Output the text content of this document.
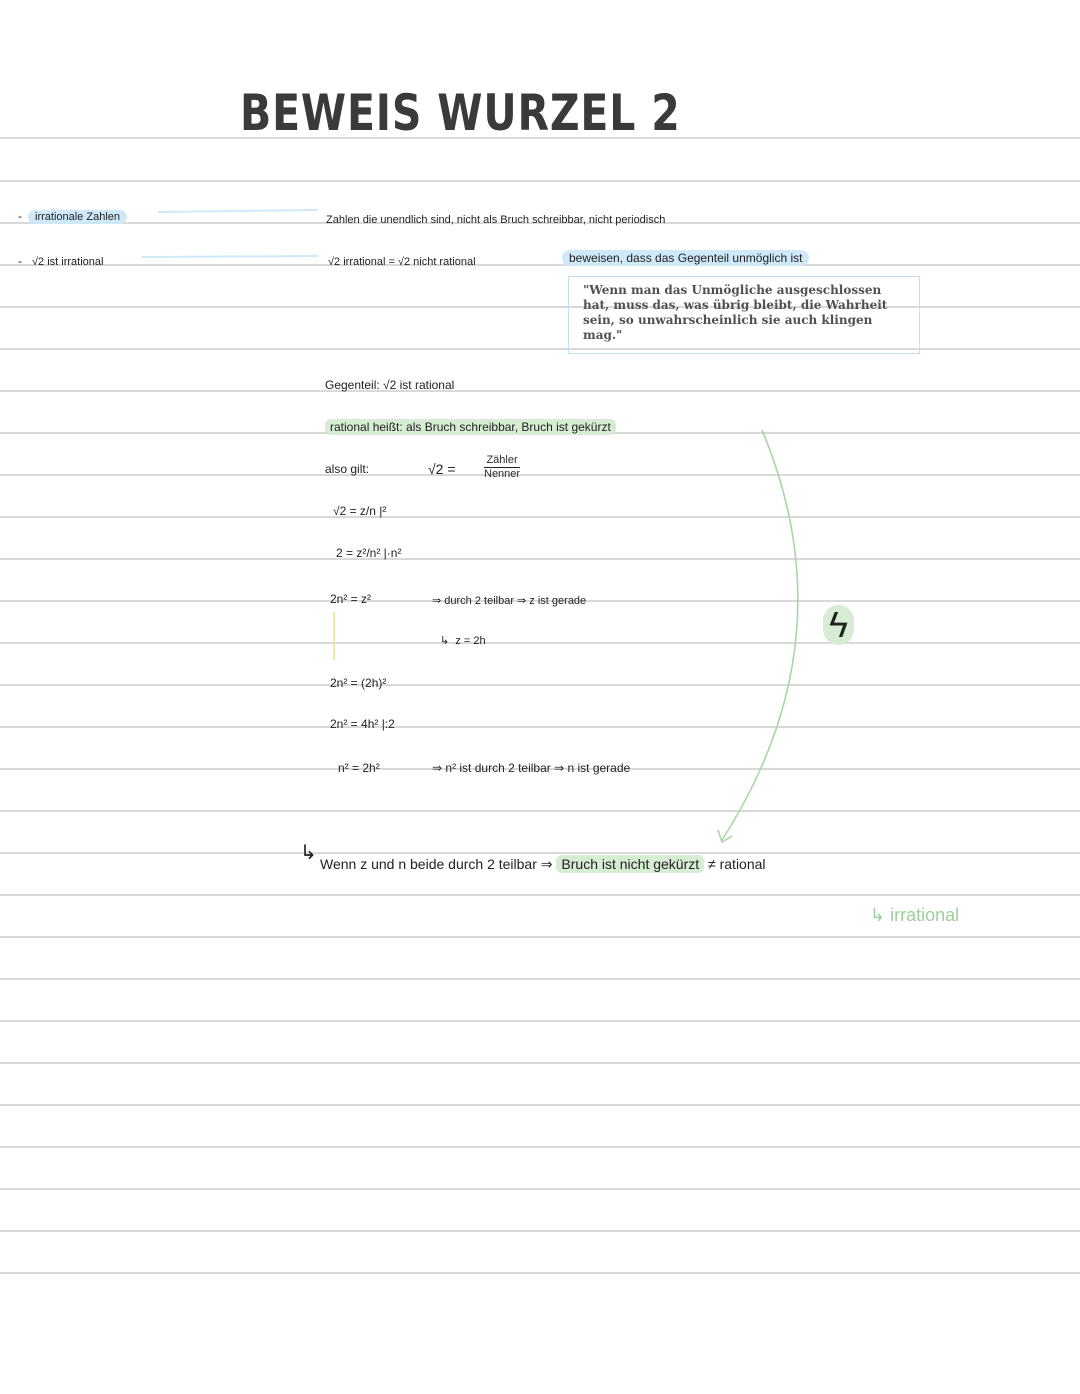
BEWEIS WURZEL 2
-	irrationale Zahlen	Zahlen die unendlich sind, nicht als Bruch schreibbar, nicht periodisch
- √2 ist irrational	√2 irrational = √2 nicht rational	beweisen, dass das Gegenteil unmöglich ist
"Wenn man das Unmögliche ausgeschlossen hat, muss das, was übrig bleibt, die Wahrheit sein, so unwahrscheinlich sie auch klingen mag."
Gegenteil: √2 ist rational
rational heißt: als Bruch schreibbar, Bruch ist gekürzt
also gilt:	√2 =
Zähler
Nenner
√2 = z/n |²
2 = z²/n² |·n²
2n² = z²	⇒ durch 2 teilbar ⇒ z ist gerade
↳ z = 2h
2n² = (2h)²
2n² = 4h² |:2
n² = 2h²	⇒ n² ist durch 2 teilbar ⇒ n ist gerade
ϟ
↳ Wenn z und n beide durch 2 teilbar ⇒ Bruch ist nicht gekürzt ≠ rational
↳ irrational
